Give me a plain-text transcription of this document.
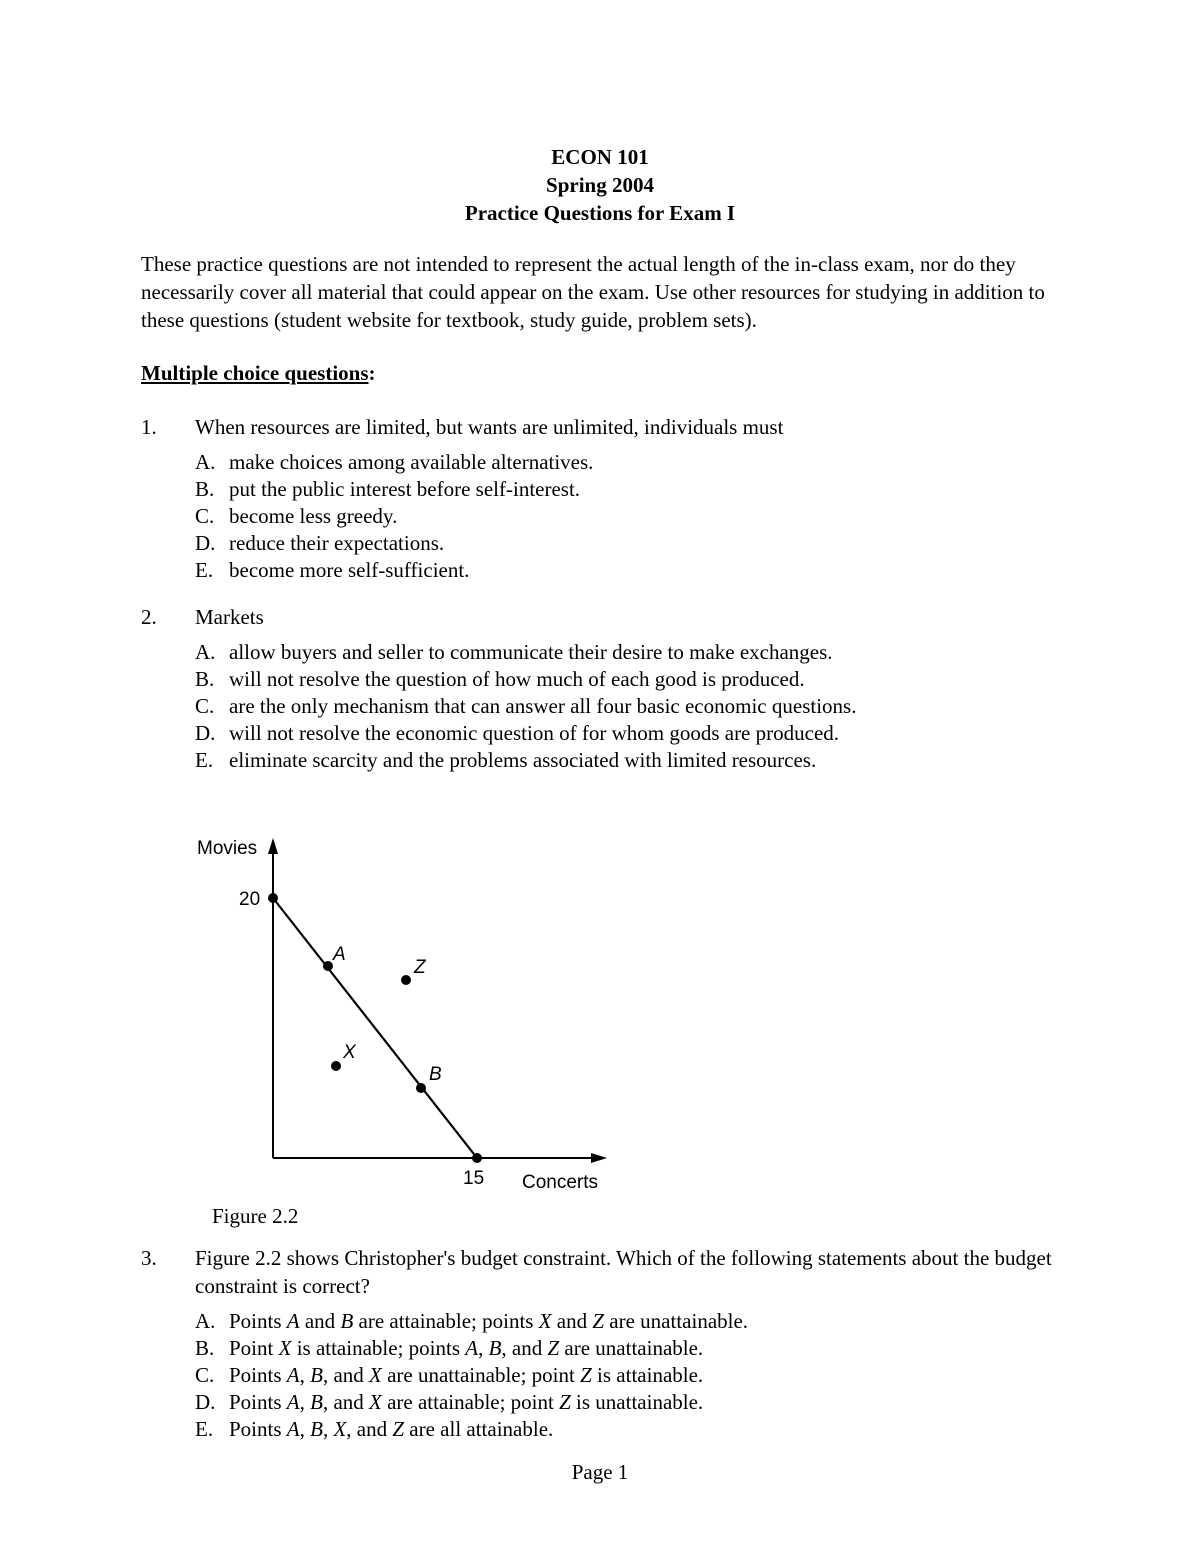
ECON 101
Spring 2004
Practice Questions for Exam I
These practice questions are not intended to represent the actual length of the in-class exam, nor do they necessarily cover all material that could appear on the exam. Use other resources for studying in addition to these questions (student website for textbook, study guide, problem sets).
Multiple choice questions:
1.	When resources are limited, but wants are unlimited, individuals must
A. make choices among available alternatives.
B. put the public interest before self-interest.
C. become less greedy.
D. reduce their expectations.
E. become more self-sufficient.
2.	Markets
A. allow buyers and seller to communicate their desire to make exchanges.
B. will not resolve the question of how much of each good is produced.
C. are the only mechanism that can answer all four basic economic questions.
D. will not resolve the economic question of for whom goods are produced.
E. eliminate scarcity and the problems associated with limited resources.
Movies
20
15 Concerts
A
B
X
Z
Figure 2.2
3.	Figure 2.2 shows Christopher's budget constraint. Which of the following statements about the budget constraint is correct?
A. Points A and B are attainable; points X and Z are unattainable.
B. Point X is attainable; points A, B, and Z are unattainable.
C. Points A, B, and X are unattainable; point Z is attainable.
D. Points A, B, and X are attainable; point Z is unattainable.
E. Points A, B, X, and Z are all attainable.
Page 1
